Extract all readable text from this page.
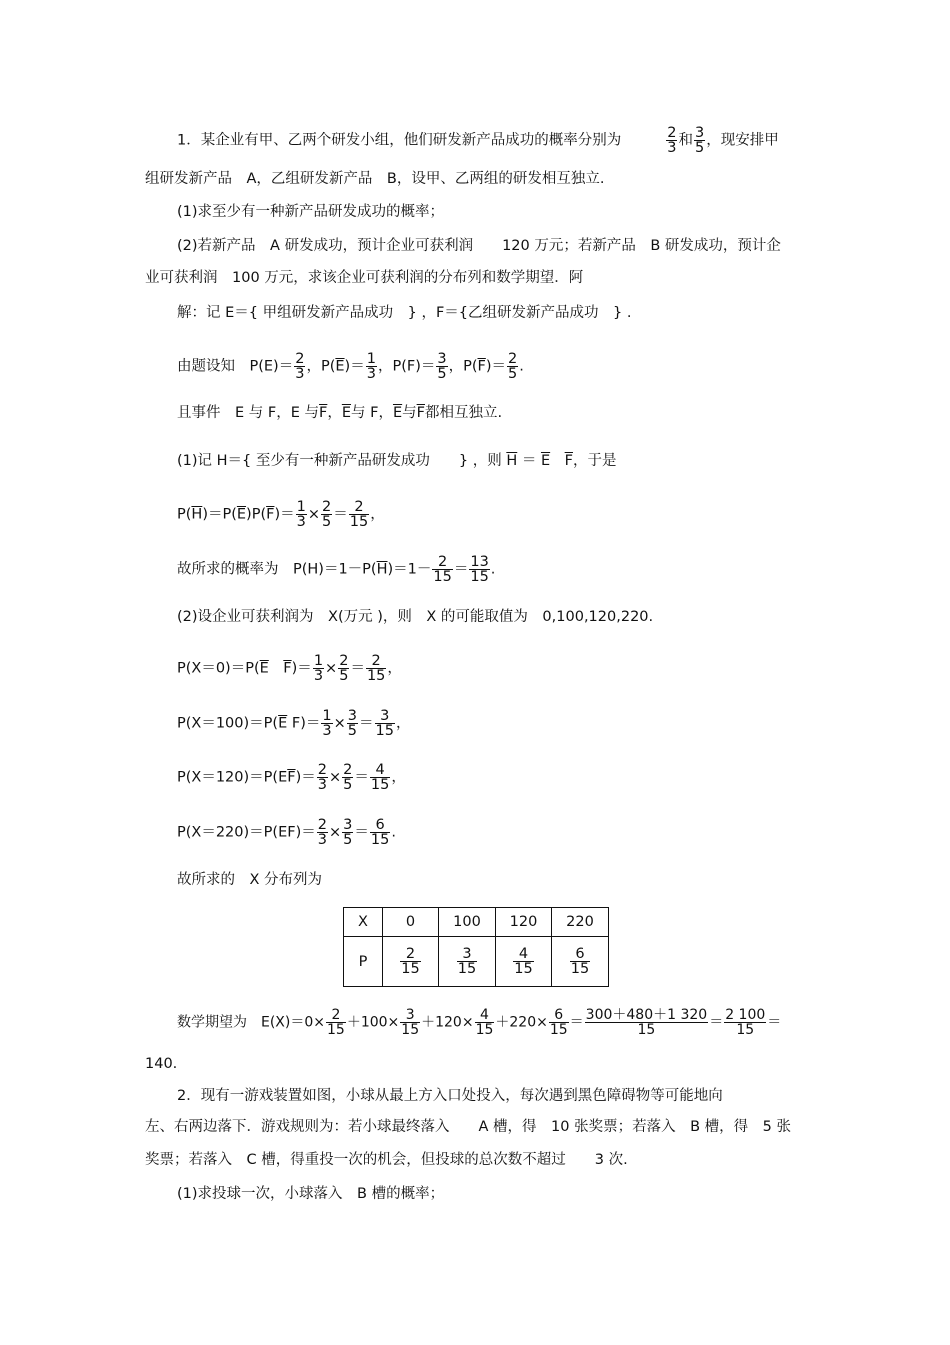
1．某企业有甲、乙两个研发小组，他们研发新产品成功的概率分别为	$\frac{2}{3}$ 和 $\frac{3}{5}$ ，现安排甲
组研发新产品　A，乙组研发新产品　B，设甲、乙两组的研发相互独立.
(1)求至少有一种新产品研发成功的概率；
(2)若新产品　A 研发成功，预计企业可获利润　　120 万元；若新产品　B 研发成功，预计企
业可获利润　100 万元，求该企业可获利润的分布列和数学期望．阿
解：记 E＝{ 甲组研发新产品成功　} ，F＝{乙组研发新产品成功　} .
由题设知　$P(E)= \frac{2}{3}$ ，$P(\overline{E})= \frac{1}{3}$ ，$P(F)= \frac{3}{5}$ ，$P(\overline{F})= \frac{2}{5}$ .
且事件　E 与 F，E 与$\overline{F}$，$\overline{E}$与 F，$\overline{E}$与$\overline{F}$都相互独立.
(1)记 H＝{ 至少有一种新产品研发成功　　} ，则 $\overline{H} = \overline{E}$　 $\overline{F}$，于是
$P(\overline{H})=P(\overline{E})P(\overline{F})= \frac{1}{3} \times \frac{2}{5} = \frac{2}{15}$ ，
故所求的概率为　$P(H)=1-P(\overline{H})=1- \frac{2}{15} = \frac{13}{15}$ .
(2)设企业可获利润为　X(万元 )，则　X 的可能取值为　0,100,120,220.
$P(X=0)=P(\overline{E}$　 $\overline{F})= \frac{1}{3} \times \frac{2}{5} = \frac{2}{15}$ ，
$P(X=100)=P(\overline{E}$ $F)= \frac{1}{3} \times \frac{3}{5} = \frac{3}{15}$ ，
$P(X=120)=P(E\overline{F})= \frac{2}{3} \times \frac{2}{5} = \frac{4}{15}$ ，
$P(X=220)=P(EF)= \frac{2}{3} \times \frac{3}{5} = \frac{6}{15}$ .
故所求的　X 分布列为
X	0	100	120	220
P	$\frac{2}{15}$	$\frac{3}{15}$	$\frac{4}{15}$	$\frac{6}{15}$
数学期望为　$E(X)=0\times \frac{2}{15} +100\times \frac{3}{15} +120\times \frac{4}{15} +220\times \frac{6}{15} = \frac{300+480+1 320}{15} = \frac{2 100}{15}$ ＝
140.
2．现有一游戏装置如图，小球从最上方入口处投入，每次遇到黑色障碍物等可能地向
左、右两边落下．游戏规则为：若小球最终落入　　A 槽，得　10 张奖票；若落入　B 槽，得　5 张
奖票；若落入　C 槽，得重投一次的机会，但投球的总次数不超过　　3 次.
(1)求投球一次，小球落入　B 槽的概率；
